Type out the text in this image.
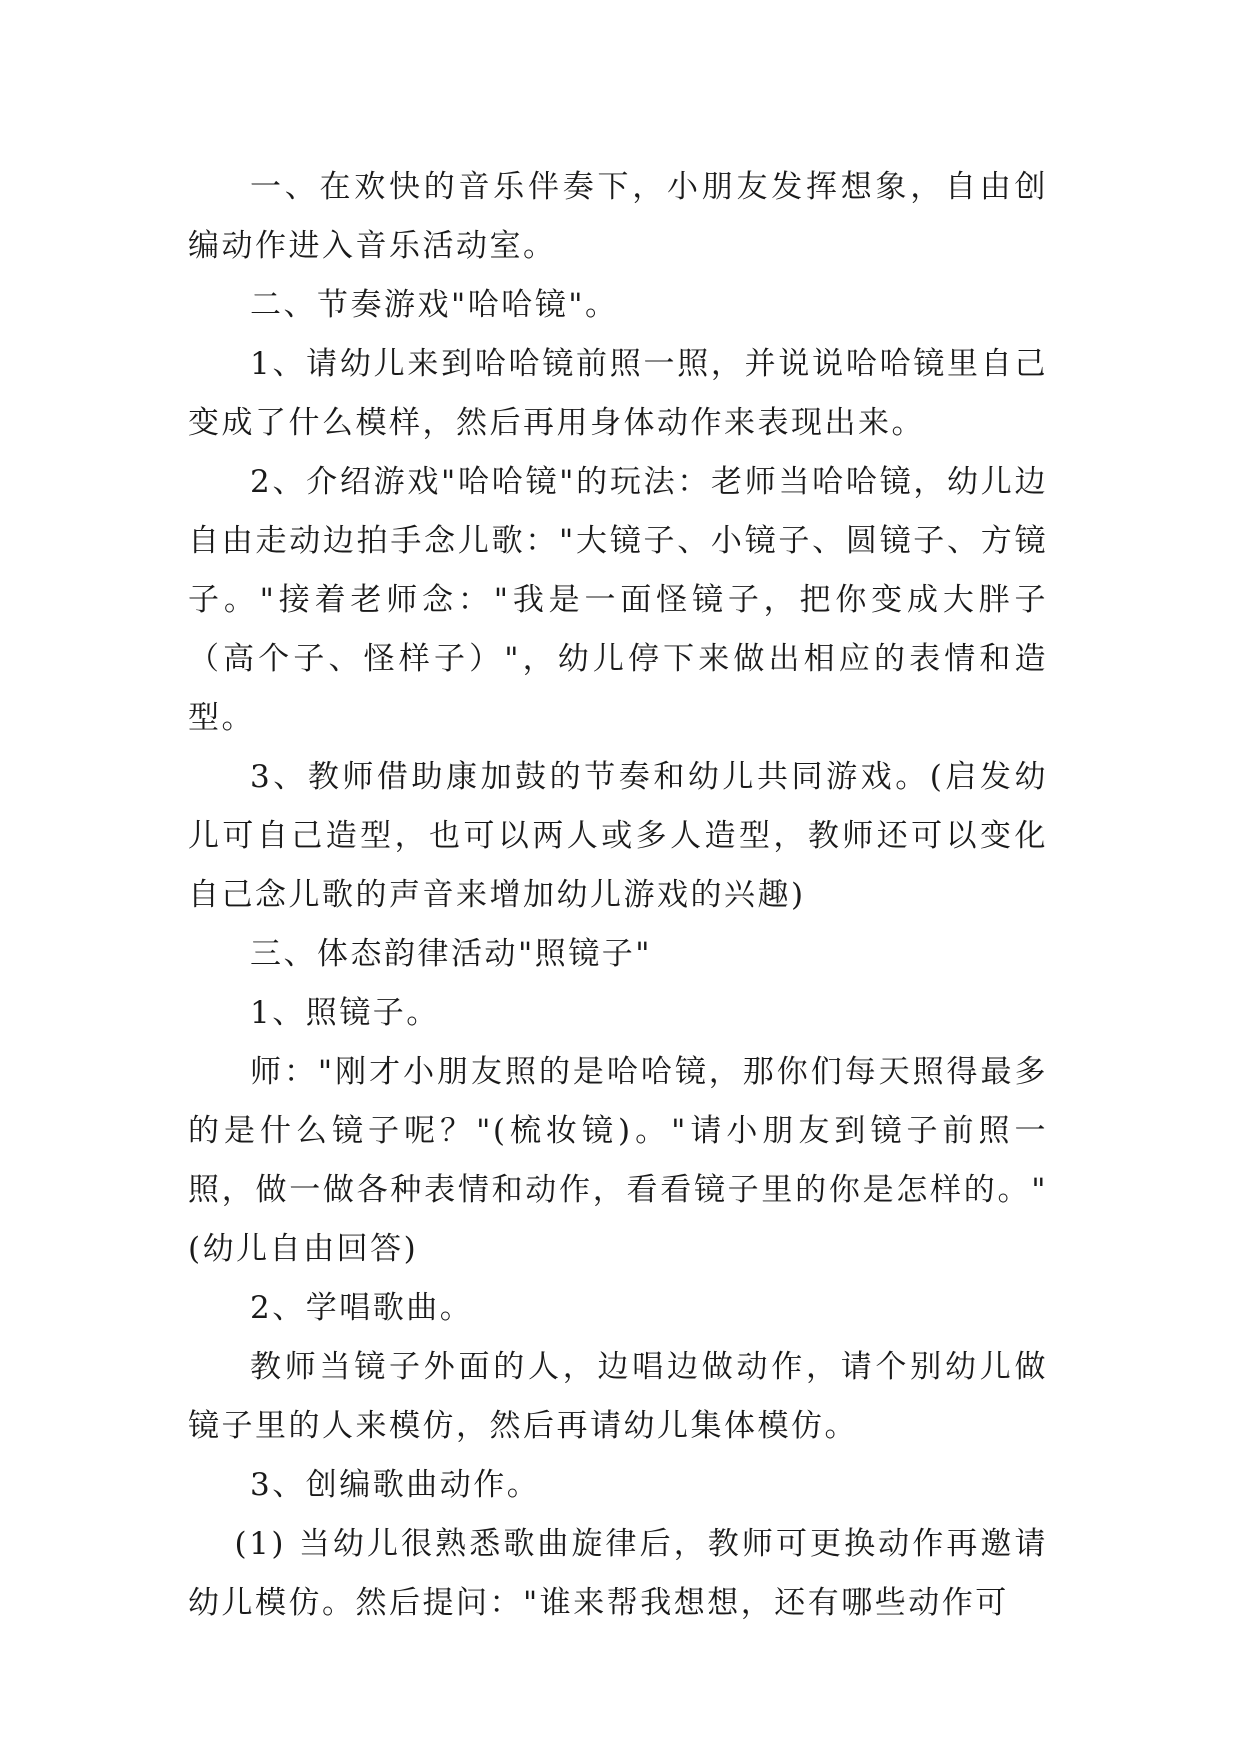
一、在欢快的音乐伴奏下，小朋友发挥想象，自由创编动作进入音乐活动室。

二、节奏游戏"哈哈镜"。

1、请幼儿来到哈哈镜前照一照，并说说哈哈镜里自己变成了什么模样，然后再用身体动作来表现出来。

2、介绍游戏"哈哈镜"的玩法：老师当哈哈镜，幼儿边自由走动边拍手念儿歌："大镜子、小镜子、圆镜子、方镜子。"接着老师念："我是一面怪镜子，把你变成大胖子（高个子、怪样子）"，幼儿停下来做出相应的表情和造型。

3、教师借助康加鼓的节奏和幼儿共同游戏。(启发幼儿可自己造型，也可以两人或多人造型，教师还可以变化自己念儿歌的声音来增加幼儿游戏的兴趣)

三、体态韵律活动"照镜子"

1、照镜子。

师："刚才小朋友照的是哈哈镜，那你们每天照得最多的是什么镜子呢？"(梳妆镜)。"请小朋友到镜子前照一照，做一做各种表情和动作，看看镜子里的你是怎样的。"(幼儿自由回答)

2、学唱歌曲。

教师当镜子外面的人，边唱边做动作，请个别幼儿做镜子里的人来模仿，然后再请幼儿集体模仿。

3、创编歌曲动作。

(1) 当幼儿很熟悉歌曲旋律后，教师可更换动作再邀请幼儿模仿。然后提问："谁来帮我想想，还有哪些动作可
